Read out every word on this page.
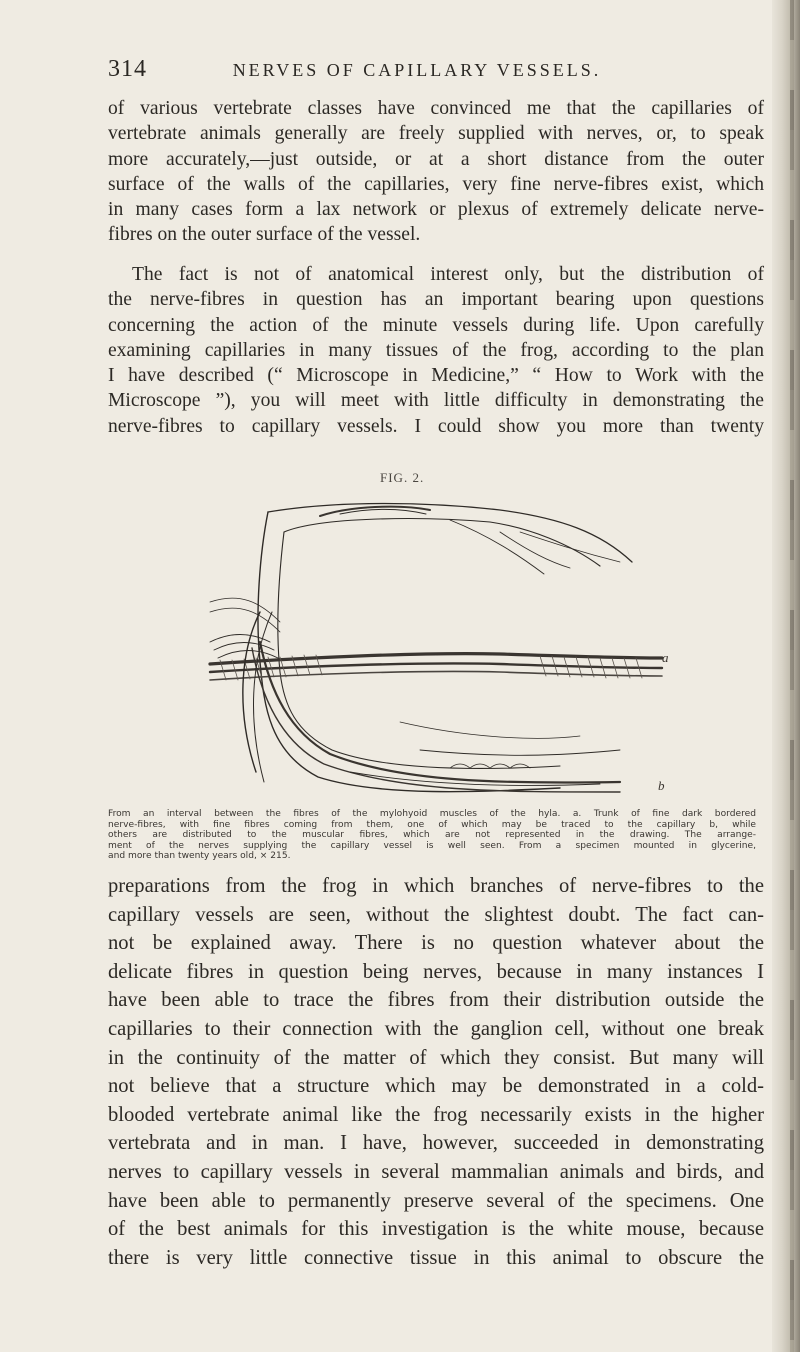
314	NERVES OF CAPILLARY VESSELS.

of various vertebrate classes have convinced me that the capillaries of
vertebrate animals generally are freely supplied with nerves, or, to speak
more accurately,—just outside, or at a short distance from the outer
surface of the walls of the capillaries, very fine nerve-fibres exist, which
in many cases form a lax network or plexus of extremely delicate nerve-
fibres on the outer surface of the vessel.

The fact is not of anatomical interest only, but the distribution of
the nerve-fibres in question has an important bearing upon questions
concerning the action of the minute vessels during life. Upon carefully
examining capillaries in many tissues of the frog, according to the plan
I have described (“ Microscope in Medicine,” “ How to Work with the
Microscope ”), you will meet with little difficulty in demonstrating the
nerve-fibres to capillary vessels. I could show you more than twenty

FIG. 2.
a
b

From an interval between the fibres of the mylohyoid muscles of the hyla. a. Trunk of fine dark bordered
nerve-fibres, with fine fibres coming from them, one of which may be traced to the capillary b, while
others are distributed to the muscular fibres, which are not represented in the drawing. The arrange-
ment of the nerves supplying the capillary vessel is well seen. From a specimen mounted in glycerine,
and more than twenty years old, × 215.

preparations from the frog in which branches of nerve-fibres to the
capillary vessels are seen, without the slightest doubt. The fact can-
not be explained away. There is no question whatever about the
delicate fibres in question being nerves, because in many instances I
have been able to trace the fibres from their distribution outside the
capillaries to their connection with the ganglion cell, without one break
in the continuity of the matter of which they consist. But many will
not believe that a structure which may be demonstrated in a cold-
blooded vertebrate animal like the frog necessarily exists in the higher
vertebrata and in man. I have, however, succeeded in demonstrating
nerves to capillary vessels in several mammalian animals and birds, and
have been able to permanently preserve several of the specimens. One
of the best animals for this investigation is the white mouse, because
there is very little connective tissue in this animal to obscure the
